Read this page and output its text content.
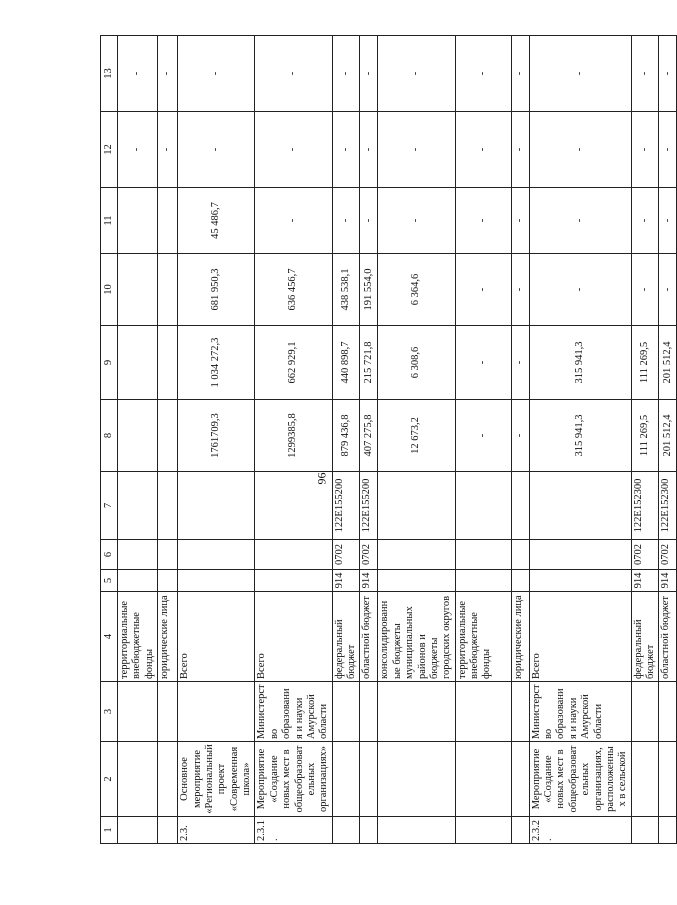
96
1	2	3	4	5	6	7	8	9	10	11	12	13
			территориальные внебюджетные фонды								-	-
			юридические лица								-	-
2.3.	Основное мероприятие «Региональный проект «Современная школа»		Всего				1761709,3	1 034 272,3	681 950,3	45 486,7	-	-
2.3.1.	Мероприятие «Создание новых мест в общеобразовательных организациях»	Министерство образования и науки Амурской области	Всего				1299385,8	662 929,1	636 456,7	-	-	-
			федеральный бюджет	914	0702	122E155200	879 436,8	440 898,7	438 538,1	-	-	-
			областной бюджет	914	0702	122E155200	407 275,8	215 721,8	191 554,0	-	-	-
			консолидированные бюджеты муниципальных районов и бюджеты городских округов				12 673,2	6 308,6	6 364,6	-	-	-
			территориальные внебюджетные фонды				-	-	-	-	-	-
			юридические лица				-	-	-	-	-	-
2.3.2.	Мероприятие «Создание новых мест в общеобразовательных организациях, расположенных в сельской	Министерство образования и науки Амурской области	Всего				315 941,3	315 941,3	-	-	-	-
			федеральный бюджет	914	0702	122E152300	111 269,5	111 269,5	-	-	-	-
			областной бюджет	914	0702	122E152300	201 512,4	201 512,4	-	-	-	-
